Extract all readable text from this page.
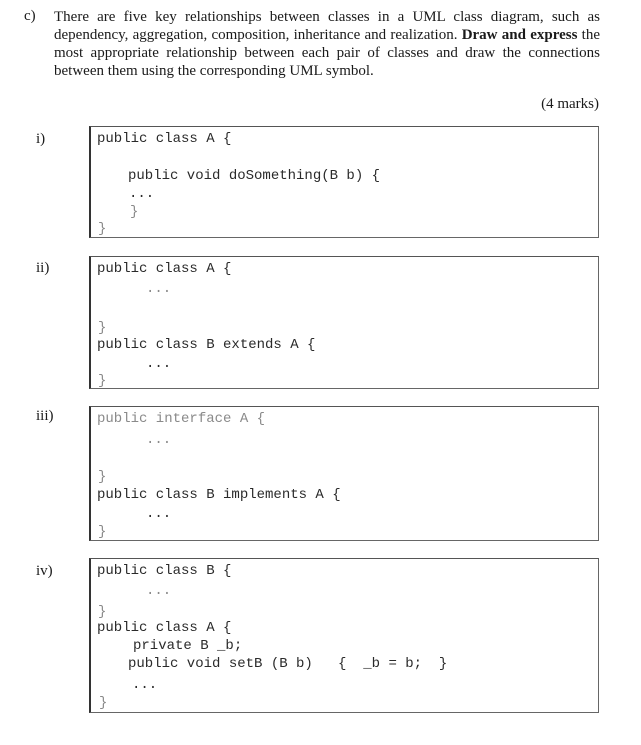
c) There are five key relationships between classes in a UML class diagram, such as dependency, aggregation, composition, inheritance and realization. Draw and express the most appropriate relationship between each pair of classes and draw the connections between them using the corresponding UML symbol.
(4 marks)
i)	public class A {
public void doSomething(B b) {
...
}
}
ii)	public class A {
...
}
public class B extends A {
...
}
iii)	public interface A {
...
}
public class B implements A {
...
}
iv)	public class B {
...
}
public class A {
private B _b;
public void setB (B b)   {  _b = b;  }
...
}
